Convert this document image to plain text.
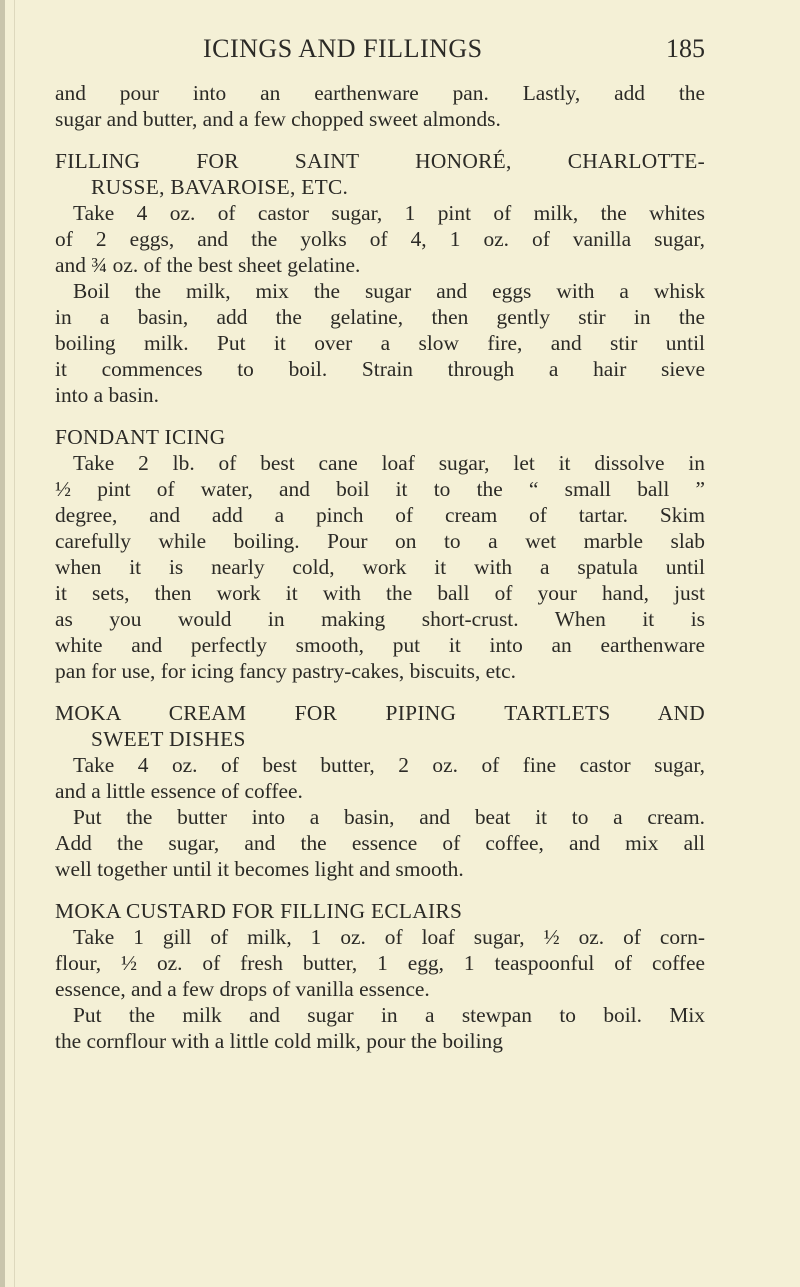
ICINGS AND FILLINGS	185
and pour into an earthenware pan. Lastly, add the
sugar and butter, and a few chopped sweet almonds.
FILLING FOR SAINT HONORÉ, CHARLOTTE-
RUSSE, BAVAROISE, ETC.
Take 4 oz. of castor sugar, 1 pint of milk, the whites
of 2 eggs, and the yolks of 4, 1 oz. of vanilla sugar,
and ¾ oz. of the best sheet gelatine.
Boil the milk, mix the sugar and eggs with a whisk
in a basin, add the gelatine, then gently stir in the
boiling milk. Put it over a slow fire, and stir until
it commences to boil. Strain through a hair sieve
into a basin.
FONDANT ICING
Take 2 lb. of best cane loaf sugar, let it dissolve in
½ pint of water, and boil it to the “ small ball ”
degree, and add a pinch of cream of tartar. Skim
carefully while boiling. Pour on to a wet marble slab
when it is nearly cold, work it with a spatula until
it sets, then work it with the ball of your hand, just
as you would in making short-crust. When it is
white and perfectly smooth, put it into an earthenware
pan for use, for icing fancy pastry-cakes, biscuits, etc.
MOKA CREAM FOR PIPING TARTLETS AND
SWEET DISHES
Take 4 oz. of best butter, 2 oz. of fine castor sugar,
and a little essence of coffee.
Put the butter into a basin, and beat it to a cream.
Add the sugar, and the essence of coffee, and mix all
well together until it becomes light and smooth.
MOKA CUSTARD FOR FILLING ECLAIRS
Take 1 gill of milk, 1 oz. of loaf sugar, ½ oz. of corn-
flour, ½ oz. of fresh butter, 1 egg, 1 teaspoonful of coffee
essence, and a few drops of vanilla essence.
Put the milk and sugar in a stewpan to boil. Mix
the cornflour with a little cold milk, pour the boiling
